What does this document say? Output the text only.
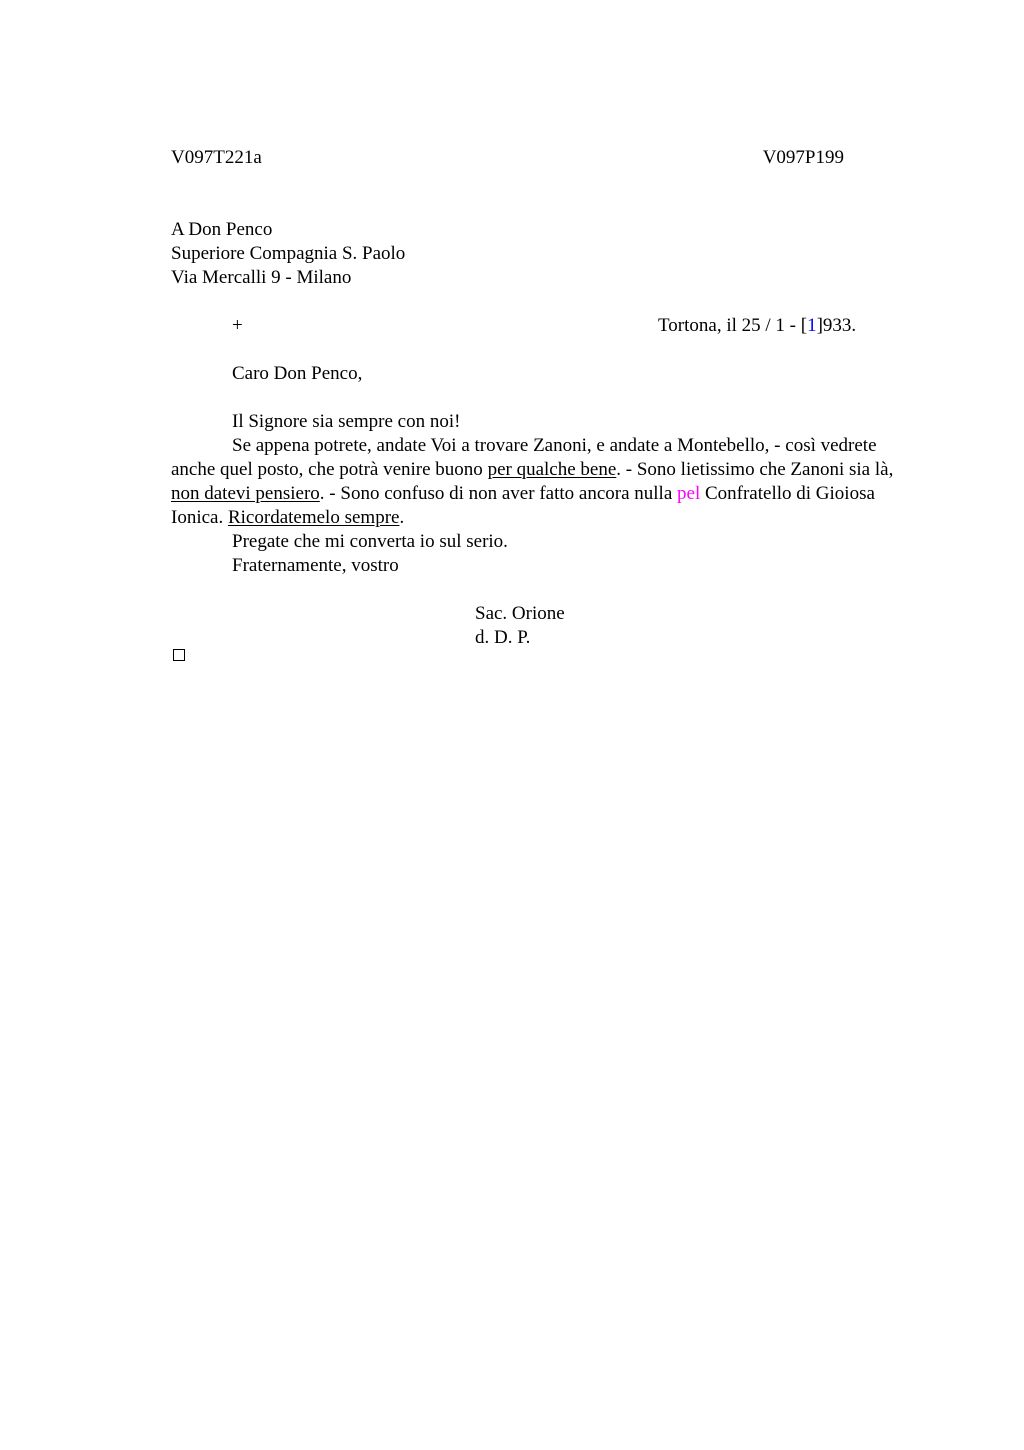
V097T221a	V097P199
A Don Penco
Superiore Compagnia S. Paolo
Via Mercalli 9 - Milano
+	Tortona, il 25 / 1 - [1]933.
Caro Don Penco,
Il Signore sia sempre con noi!
Se appena potrete, andate Voi a trovare Zanoni, e andate a Montebello, - così vedrete anche quel posto, che potrà venire buono per qualche bene. - Sono lietissimo che Zanoni sia là, non datevi pensiero. - Sono confuso di non aver fatto ancora nulla pel Confratello di Gioiosa Ionica. Ricordatemelo sempre.
Pregate che mi converta io sul serio.
Fraternamente, vostro
Sac. Orione
d. D. P.
